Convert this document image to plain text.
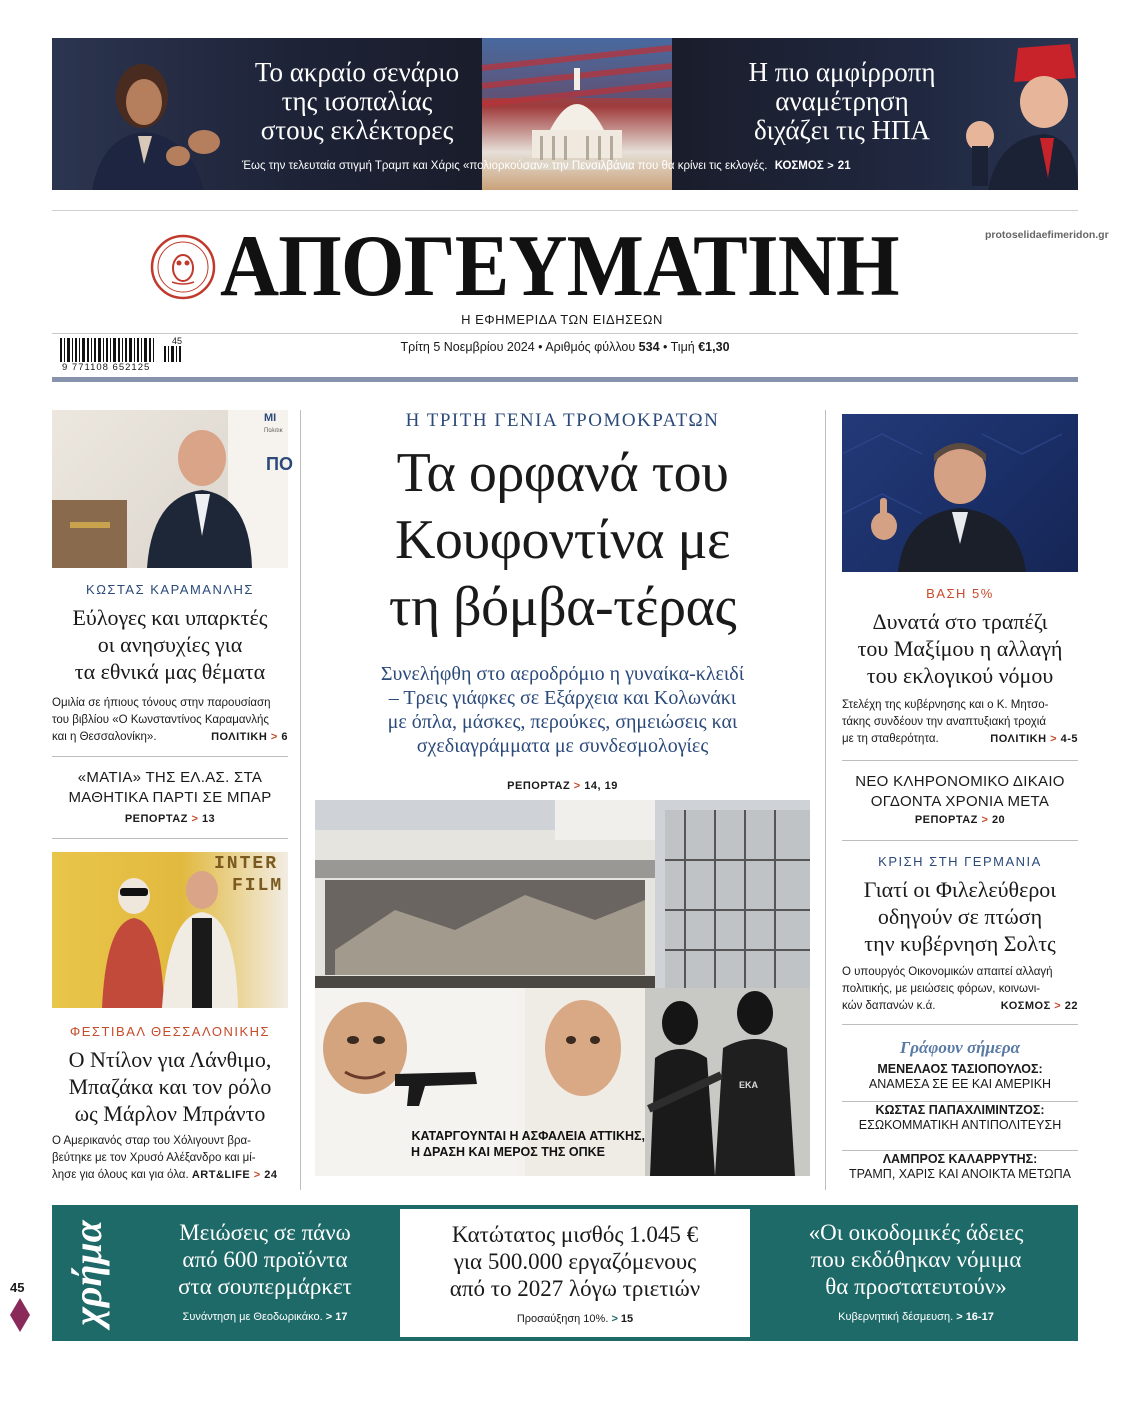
Το ακραίο σενάριο
της ισοπαλίας
στους εκλέκτορες
Η πιο αμφίρροπη
αναμέτρηση
διχάζει τις ΗΠΑ
Έως την τελευταία στιγμή Τραμπ και Χάρις «πολιορκούσαν» την Πενσιλβάνια που θα κρίνει τις εκλογές. ΚΟΣΜΟΣ > 21
ΑΠΟΓΕΥΜΑΤΙΝΗ	protoselidaefimeridon.gr
Η ΕΦΗΜΕΡΙΔΑ ΤΩΝ ΕΙΔΗΣΕΩΝ
45
9 771108 652125
Τρίτη 5 Νοεμβρίου 2024 • Αριθμός φύλλου 534 • Τιμή €1,30
ΜΙ
Πολιτικ
ΠΟ
ΚΩΣΤΑΣ ΚΑΡΑΜΑΝΛΗΣ
Εύλογες και υπαρκτές
οι ανησυχίες για
τα εθνικά μας θέματα
Ομιλία σε ήπιους τόνους στην παρουσίαση
του βιβλίου «Ο Κωνσταντίνος Καραμανλής
και η Θεσσαλονίκη».	ΠΟΛΙΤΙΚΗ > 6
«ΜΑΤΙΑ» ΤΗΣ ΕΛ.ΑΣ. ΣΤΑ
ΜΑΘΗΤΙΚΑ ΠΑΡΤΙ ΣΕ ΜΠΑΡ
ΡΕΠΟΡΤΑΖ > 13
INTER
FILM
ΦΕΣΤΙΒΑΛ ΘΕΣΣΑΛΟΝΙΚΗΣ
Ο Ντίλον για Λάνθιμο,
Μπαζάκα και τον ρόλο
ως Μάρλον Μπράντο
Ο Αμερικανός σταρ του Χόλιγουντ βρα-
βεύτηκε με τον Χρυσό Αλέξανδρο και μί-
λησε για όλους και για όλα. ART&LIFE > 24
Η ΤΡΙΤΗ ΓΕΝΙΑ ΤΡΟΜΟΚΡΑΤΩΝ
Τα ορφανά του
Κουφοντίνα με
τη βόμβα-τέρας
Συνελήφθη στο αεροδρόμιο η γυναίκα-κλειδί
– Τρεις γιάφκες σε Εξάρχεια και Κολωνάκι
με όπλα, μάσκες, περούκες, σημειώσεις και
σχεδιαγράμματα με συνδεσμολογίες
ΡΕΠΟΡΤΑΖ > 14, 19
ΕΚΑ
ΚΑΤΑΡΓΟΥΝΤΑΙ Η ΑΣΦΑΛΕΙΑ ΑΤΤΙΚΗΣ,
Η ΔΡΑΣΗ ΚΑΙ ΜΕΡΟΣ ΤΗΣ ΟΠΚΕ
ΒΑΣΗ 5%
Δυνατά στο τραπέζι
του Μαξίμου η αλλαγή
του εκλογικού νόμου
Στελέχη της κυβέρνησης και ο Κ. Μητσο-
τάκης συνδέουν την αναπτυξιακή τροχιά
με τη σταθερότητα.	ΠΟΛΙΤΙΚΗ > 4-5
ΝΕΟ ΚΛΗΡΟΝΟΜΙΚΟ ΔΙΚΑΙΟ
ΟΓΔΟΝΤΑ ΧΡΟΝΙΑ ΜΕΤΑ
ΡΕΠΟΡΤΑΖ > 20
ΚΡΙΣΗ ΣΤΗ ΓΕΡΜΑΝΙΑ
Γιατί οι Φιλελεύθεροι
οδηγούν σε πτώση
την κυβέρνηση Σολτς
Ο υπουργός Οικονομικών απαιτεί αλλαγή
πολιτικής, με μειώσεις φόρων, κοινωνι-
κών δαπανών κ.ά.	ΚΟΣΜΟΣ > 22
Γράφουν σήμερα
ΜΕΝΕΛΑΟΣ ΤΑΣΙΟΠΟΥΛΟΣ:
ΑΝΑΜΕΣΑ ΣΕ ΕΕ ΚΑΙ ΑΜΕΡΙΚΗ
ΚΩΣΤΑΣ ΠΑΠΑΧΛΙΜΙΝΤΖΟΣ:
ΕΣΩΚΟΜΜΑΤΙΚΗ ΑΝΤΙΠΟΛΙΤΕΥΣΗ
ΛΑΜΠΡΟΣ ΚΑΛΑΡΡΥΤΗΣ:
ΤΡΑΜΠ, ΧΑΡΙΣ ΚΑΙ ΑΝΟΙΚΤΑ ΜΕΤΩΠΑ
χρήμα	Μειώσεις σε πάνω
από 600 προϊόντα
στα σουπερμάρκετ
Συνάντηση με Θεοδωρικάκο. > 17
Κατώτατος μισθός 1.045 €
για 500.000 εργαζόμενους
από το 2027 λόγω τριετιών
Προσαύξηση 10%. > 15
«Οι οικοδομικές άδειες
που εκδόθηκαν νόμιμα
θα προστατευτούν»
Κυβερνητική δέσμευση. > 16-17
45
